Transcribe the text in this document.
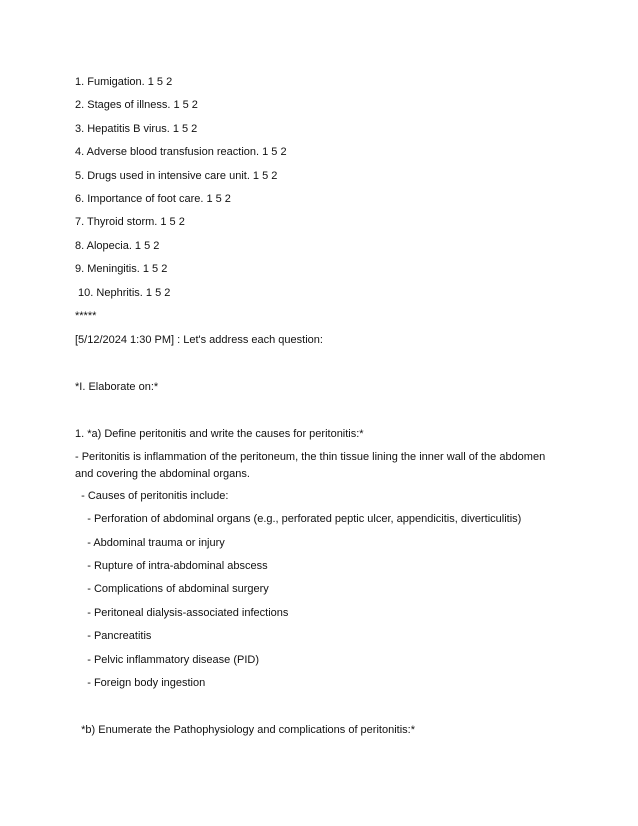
1. Fumigation. 1 5 2
2. Stages of illness. 1 5 2
3. Hepatitis B virus. 1 5 2
4. Adverse blood transfusion reaction. 1 5 2
5. Drugs used in intensive care unit. 1 5 2
6. Importance of foot care. 1 5 2
7. Thyroid storm. 1 5 2
8. Alopecia. 1 5 2
9. Meningitis. 1 5 2
10. Nephritis. 1 5 2
*****
[5/12/2024 1:30 PM] : Let's address each question:
*I. Elaborate on:*
1. *a) Define peritonitis and write the causes for peritonitis:*
- Peritonitis is inflammation of the peritoneum, the thin tissue lining the inner wall of the abdomen and covering the abdominal organs.
- Causes of peritonitis include:
- Perforation of abdominal organs (e.g., perforated peptic ulcer, appendicitis, diverticulitis)
- Abdominal trauma or injury
- Rupture of intra-abdominal abscess
- Complications of abdominal surgery
- Peritoneal dialysis-associated infections
- Pancreatitis
- Pelvic inflammatory disease (PID)
- Foreign body ingestion
*b) Enumerate the Pathophysiology and complications of peritonitis:*
